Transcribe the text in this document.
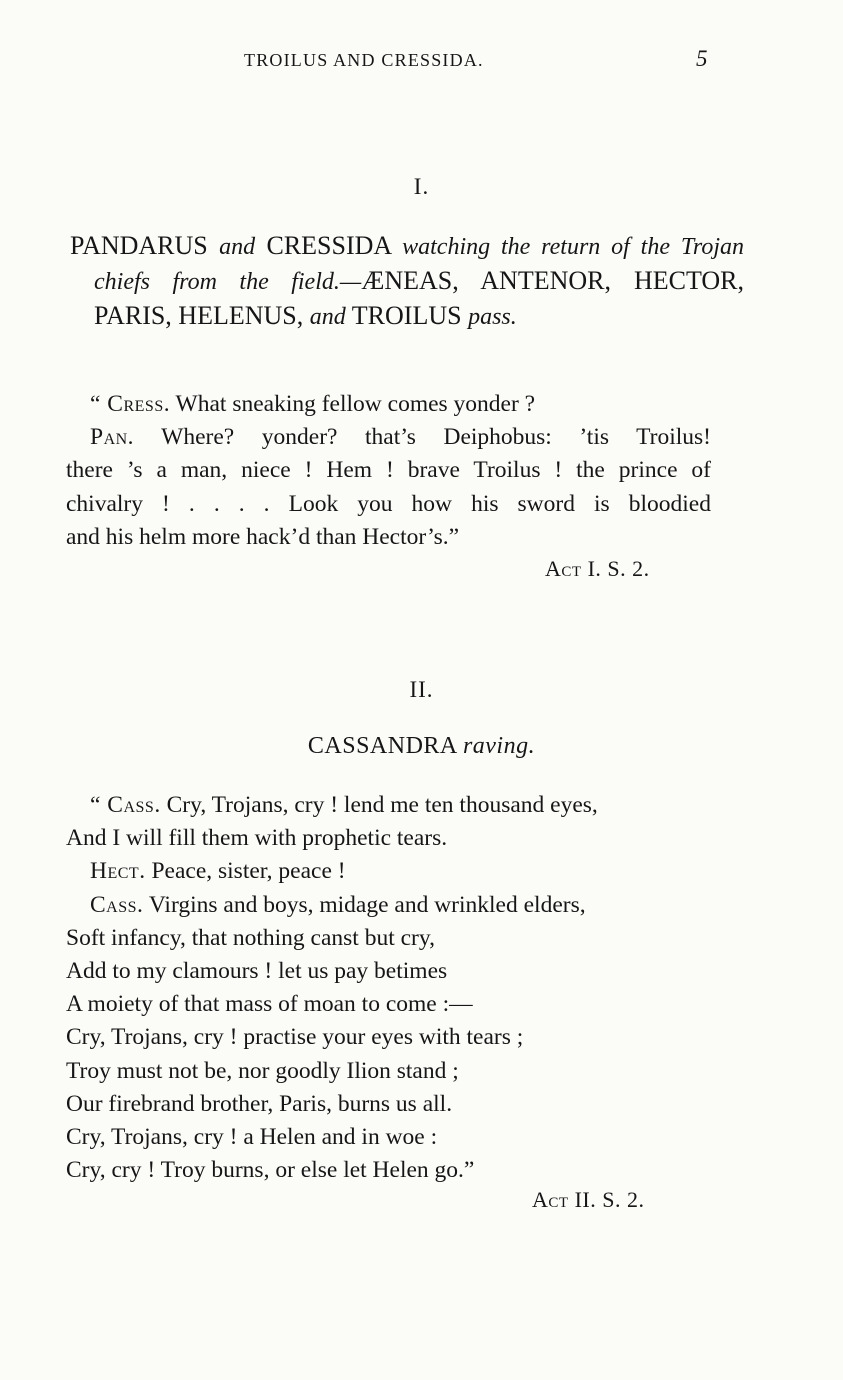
TROILUS AND CRESSIDA.	5
I.
PANDARUS and CRESSIDA watching the return of the Trojan chiefs from the field.—ÆNEAS, ANTENOR, HECTOR, PARIS, HELENUS, and TROILUS pass.

“ Cress. What sneaking fellow comes yonder ?

Pan. Where? yonder? that’s Deiphobus: ’tis Troilus!

there ’s a man, niece ! Hem ! brave Troilus ! the prince of

chivalry ! . . . . Look you how his sword is bloodied

and his helm more hack’d than Hector’s.”

Act I. S. 2.
II.
CASSANDRA raving.

“ Cass. Cry, Trojans, cry ! lend me ten thousand eyes,

And I will fill them with prophetic tears.

Hect. Peace, sister, peace !

Cass. Virgins and boys, midage and wrinkled elders,

Soft infancy, that nothing canst but cry,

Add to my clamours ! let us pay betimes

A moiety of that mass of moan to come :—

Cry, Trojans, cry ! practise your eyes with tears ;

Troy must not be, nor goodly Ilion stand ;

Our firebrand brother, Paris, burns us all.

Cry, Trojans, cry ! a Helen and in woe :

Cry, cry ! Troy burns, or else let Helen go.”

Act II. S. 2.
